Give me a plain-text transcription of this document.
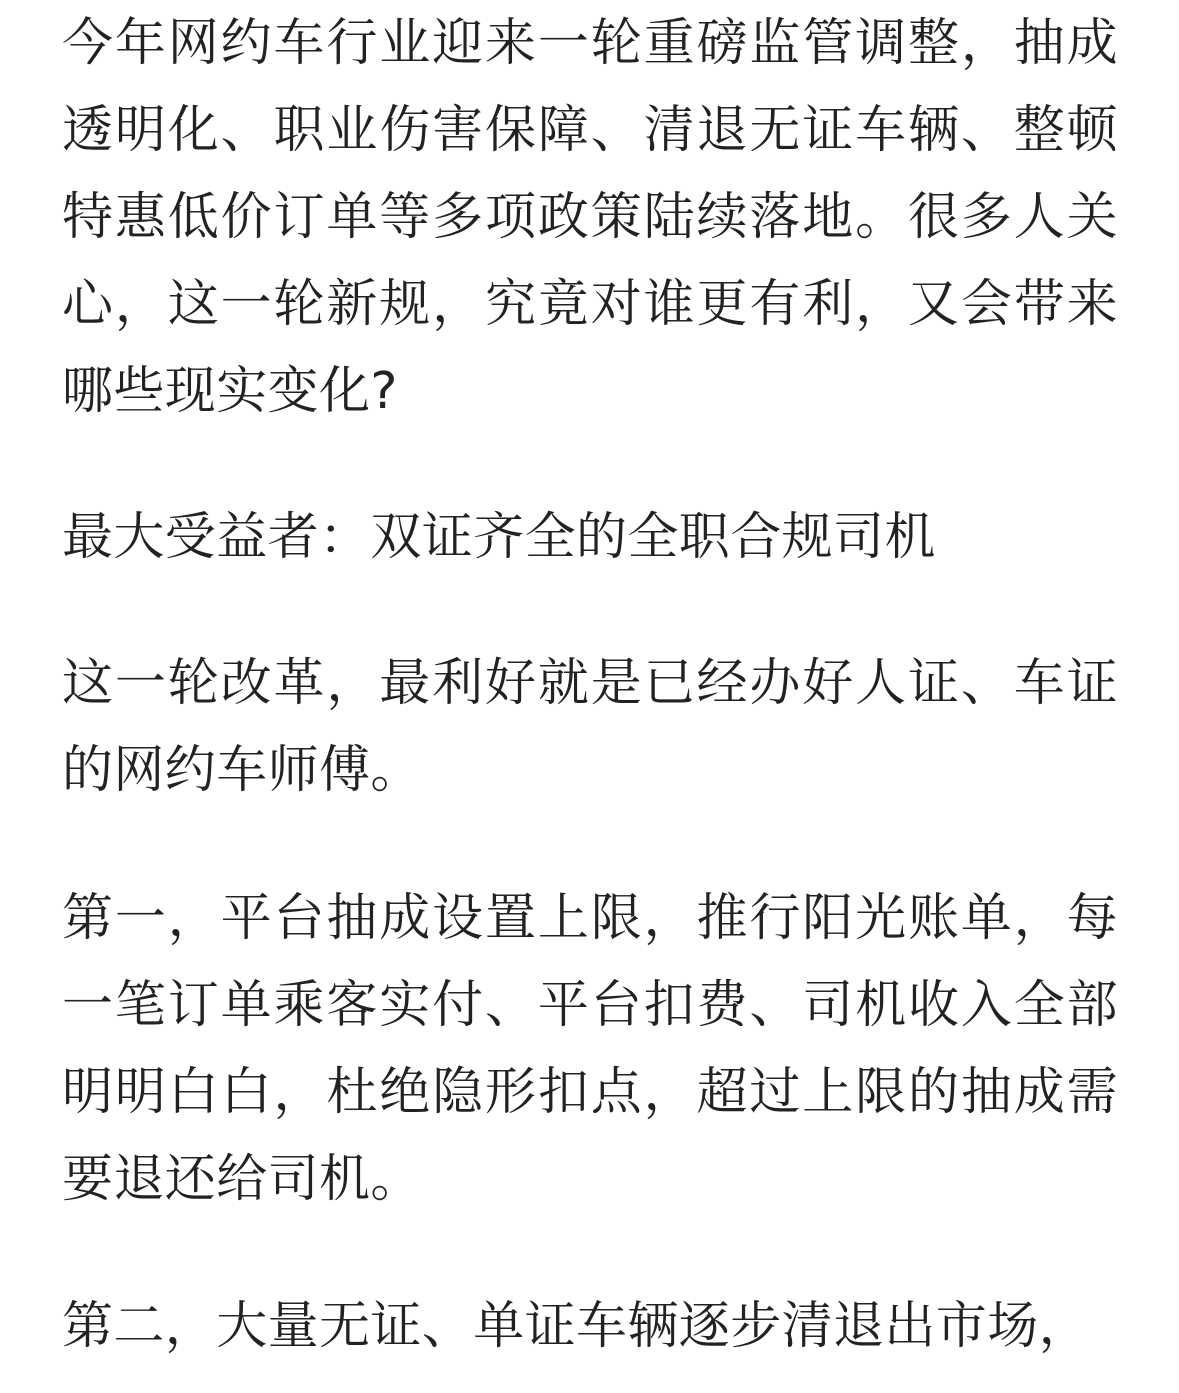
今年网约车行业迎来一轮重磅监管调整，抽成透明化、职业伤害保障、清退无证车辆、整顿特惠低价订单等多项政策陆续落地。很多人关心，这一轮新规，究竟对谁更有利，又会带来哪些现实变化?

最大受益者：双证齐全的全职合规司机

这一轮改革，最利好就是已经办好人证、车证的网约车师傅。

第一，平台抽成设置上限，推行阳光账单，每一笔订单乘客实付、平台扣费、司机收入全部明明白白，杜绝隐形扣点，超过上限的抽成需要退还给司机。

第二，大量无证、单证车辆逐步清退出市场，
